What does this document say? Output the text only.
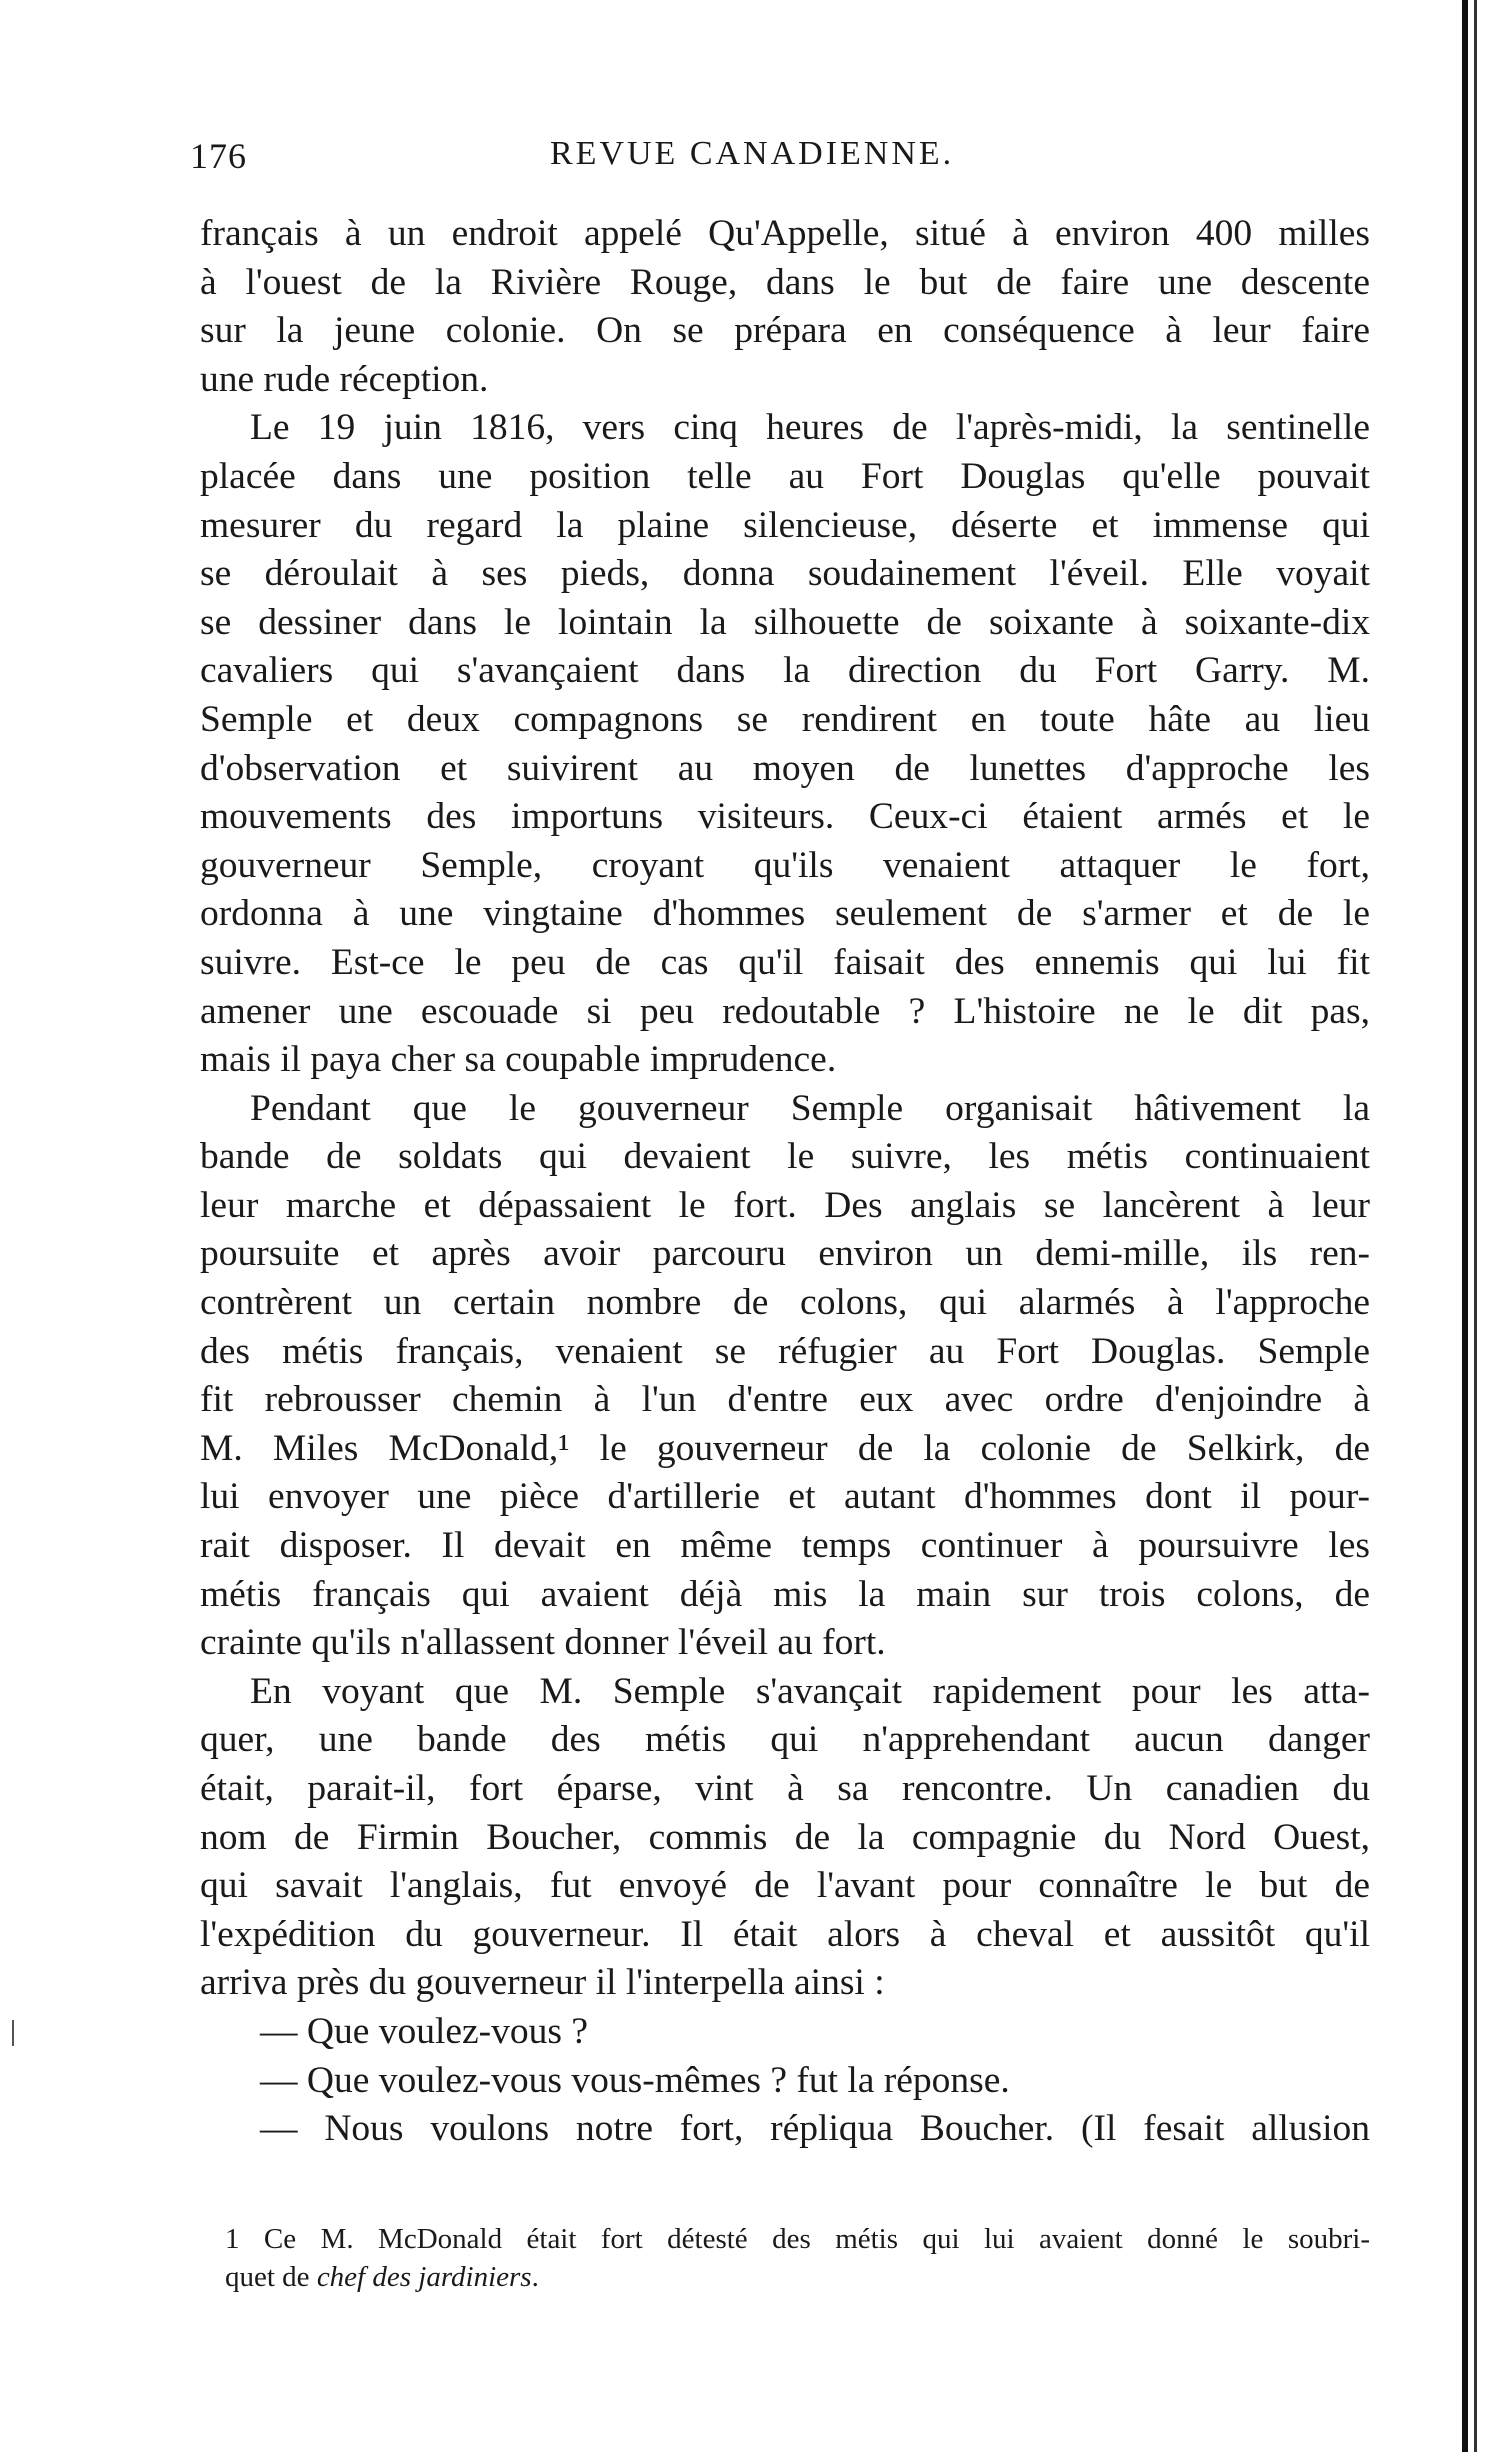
176	REVUE CANADIENNE.
français à un endroit appelé Qu'Appelle, situé à environ 400 milles
à l'ouest de la Rivière Rouge, dans le but de faire une descente
sur la jeune colonie. On se prépara en conséquence à leur faire
une rude réception.
Le 19 juin 1816, vers cinq heures de l'après-midi, la sentinelle
placée dans une position telle au Fort Douglas qu'elle pouvait
mesurer du regard la plaine silencieuse, déserte et immense qui
se déroulait à ses pieds, donna soudainement l'éveil. Elle voyait
se dessiner dans le lointain la silhouette de soixante à soixante-dix
cavaliers qui s'avançaient dans la direction du Fort Garry. M.
Semple et deux compagnons se rendirent en toute hâte au lieu
d'observation et suivirent au moyen de lunettes d'approche les
mouvements des importuns visiteurs. Ceux-ci étaient armés et le
gouverneur Semple, croyant qu'ils venaient attaquer le fort,
ordonna à une vingtaine d'hommes seulement de s'armer et de le
suivre. Est-ce le peu de cas qu'il faisait des ennemis qui lui fit
amener une escouade si peu redoutable ? L'histoire ne le dit pas,
mais il paya cher sa coupable imprudence.
Pendant que le gouverneur Semple organisait hâtivement la
bande de soldats qui devaient le suivre, les métis continuaient
leur marche et dépassaient le fort. Des anglais se lancèrent à leur
poursuite et après avoir parcouru environ un demi-mille, ils ren-
contrèrent un certain nombre de colons, qui alarmés à l'approche
des métis français, venaient se réfugier au Fort Douglas. Semple
fit rebrousser chemin à l'un d'entre eux avec ordre d'enjoindre à
M. Miles McDonald,¹ le gouverneur de la colonie de Selkirk, de
lui envoyer une pièce d'artillerie et autant d'hommes dont il pour-
rait disposer. Il devait en même temps continuer à poursuivre les
métis français qui avaient déjà mis la main sur trois colons, de
crainte qu'ils n'allassent donner l'éveil au fort.
En voyant que M. Semple s'avançait rapidement pour les atta-
quer, une bande des métis qui n'apprehendant aucun danger
était, parait-il, fort éparse, vint à sa rencontre. Un canadien du
nom de Firmin Boucher, commis de la compagnie du Nord Ouest,
qui savait l'anglais, fut envoyé de l'avant pour connaître le but de
l'expédition du gouverneur. Il était alors à cheval et aussitôt qu'il
arriva près du gouverneur il l'interpella ainsi :
— Que voulez-vous ?
— Que voulez-vous vous-mêmes ? fut la réponse.
— Nous voulons notre fort, répliqua Boucher. (Il fesait allusion
1 Ce M. McDonald était fort détesté des métis qui lui avaient donné le soubri-
quet de chef des jardiniers.
